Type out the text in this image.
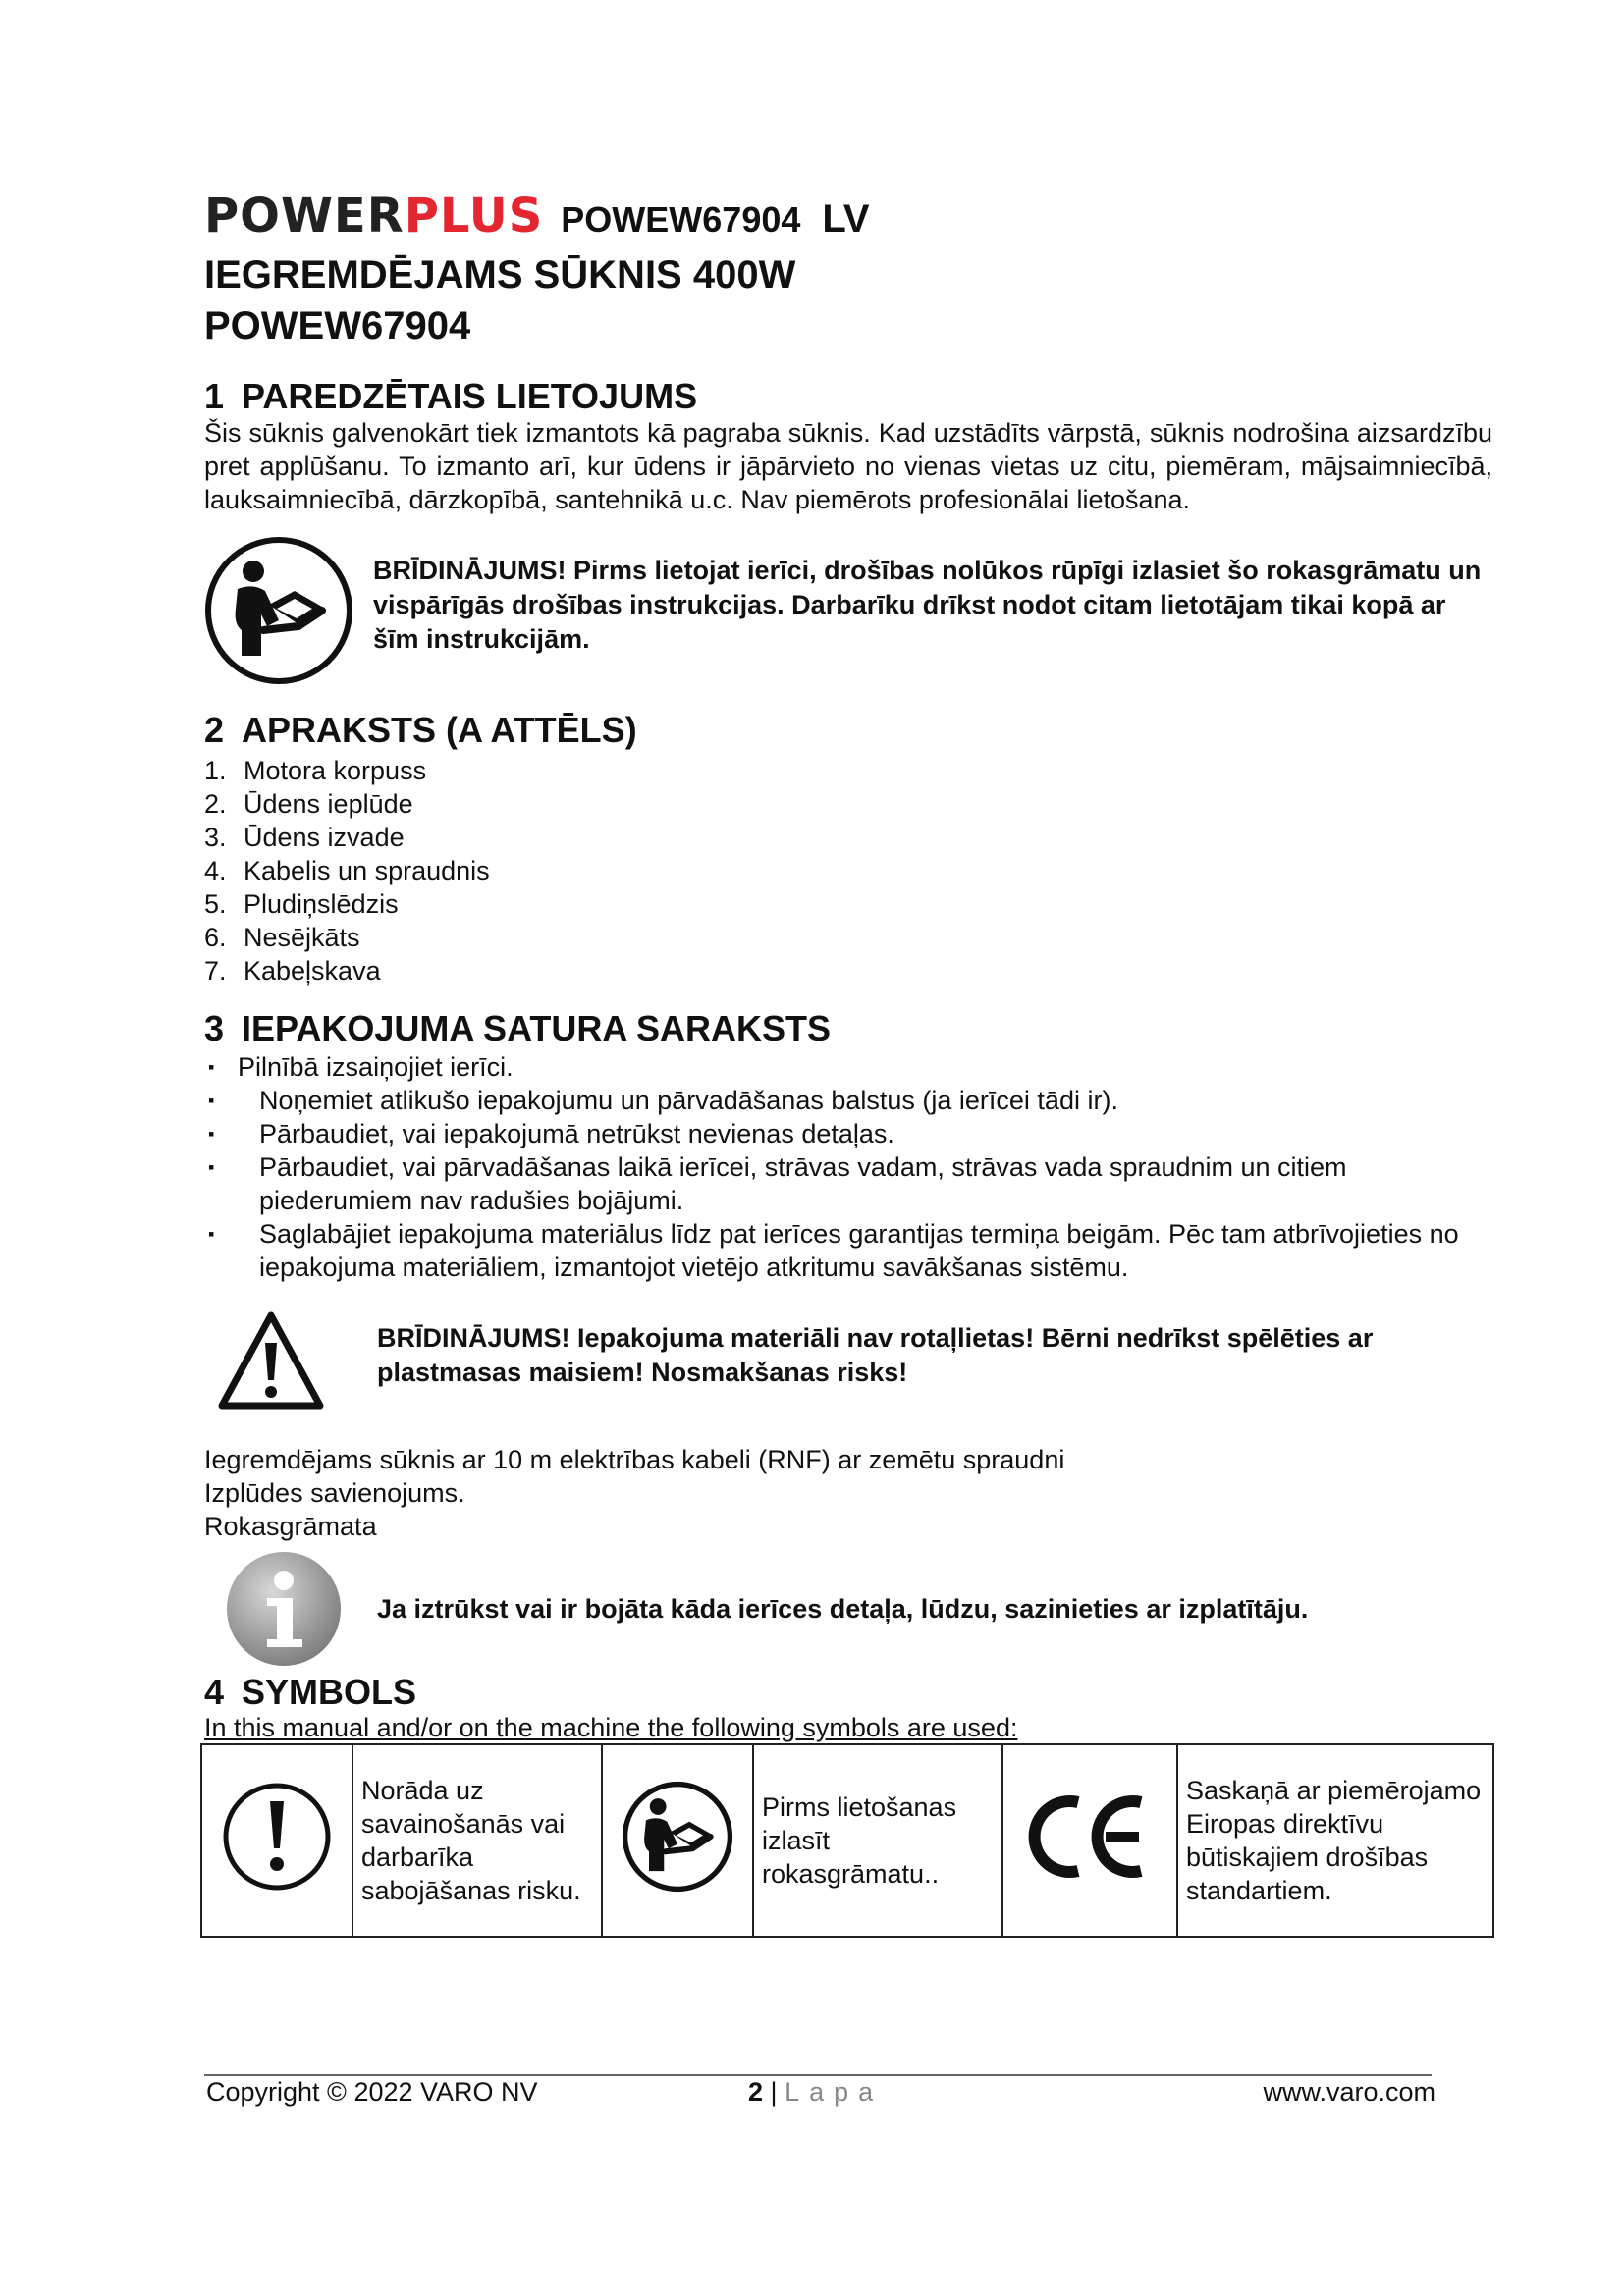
POWERPLUS POWEW67904 LV
IEGREMDĒJAMS SŪKNIS 400W
POWEW67904
1 PAREDZĒTAIS LIETOJUMS

Šis sūknis galvenokārt tiek izmantots kā pagraba sūknis. Kad uzstādīts vārpstā, sūknis nodrošina aizsardzību pret applūšanu. To izmanto arī, kur ūdens ir jāpārvieto no vienas vietas uz citu, piemēram, mājsaimniecībā, lauksaimniecībā, dārzkopībā, santehnikā u.c. Nav piemērots profesionālai lietošana.

BRĪDINĀJUMS! Pirms lietojat ierīci, drošības nolūkos rūpīgi izlasiet šo rokasgrāmatu un vispārīgās drošības instrukcijas. Darbarīku drīkst nodot citam lietotājam tikai kopā ar šīm instrukcijām.
2 APRAKSTS (A ATTĒLS)
1. Motora korpuss
2. Ūdens ieplūde
3. Ūdens izvade
4. Kabelis un spraudnis
5. Pludiņslēdzis
6. Nesējkāts
7. Kabeļskava
3 IEPAKOJUMA SATURA SARAKSTS
▪ Pilnībā izsaiņojiet ierīci.
▪	Noņemiet atlikušo iepakojumu un pārvadāšanas balstus (ja ierīcei tādi ir).
▪	Pārbaudiet, vai iepakojumā netrūkst nevienas detaļas.
▪	Pārbaudiet, vai pārvadāšanas laikā ierīcei, strāvas vadam, strāvas vada spraudnim un citiem piederumiem nav radušies bojājumi.
▪	Saglabājiet iepakojuma materiālus līdz pat ierīces garantijas termiņa beigām. Pēc tam atbrīvojieties no iepakojuma materiāliem, izmantojot vietējo atkritumu savākšanas sistēmu.
BRĪDINĀJUMS! Iepakojuma materiāli nav rotaļlietas! Bērni nedrīkst spēlēties ar plastmasas maisiem! Nosmakšanas risks!
Iegremdējams sūknis ar 10 m elektrības kabeli (RNF) ar zemētu spraudni
Izplūdes savienojums.
Rokasgrāmata
Ja iztrūkst vai ir bojāta kāda ierīces detaļa, lūdzu, sazinieties ar izplatītāju.
4 SYMBOLS
In this manual and/or on the machine the following symbols are used:
	Norāda uz savainošanās vai darbarīka sabojāšanas risku.		Pirms lietošanas izlasīt rokasgrāmatu..		Saskaņā ar piemērojamo Eiropas direktīvu būtiskajiem drošības standartiem.
Copyright © 2022 VARO NV	2 | Lapa	www.varo.com
